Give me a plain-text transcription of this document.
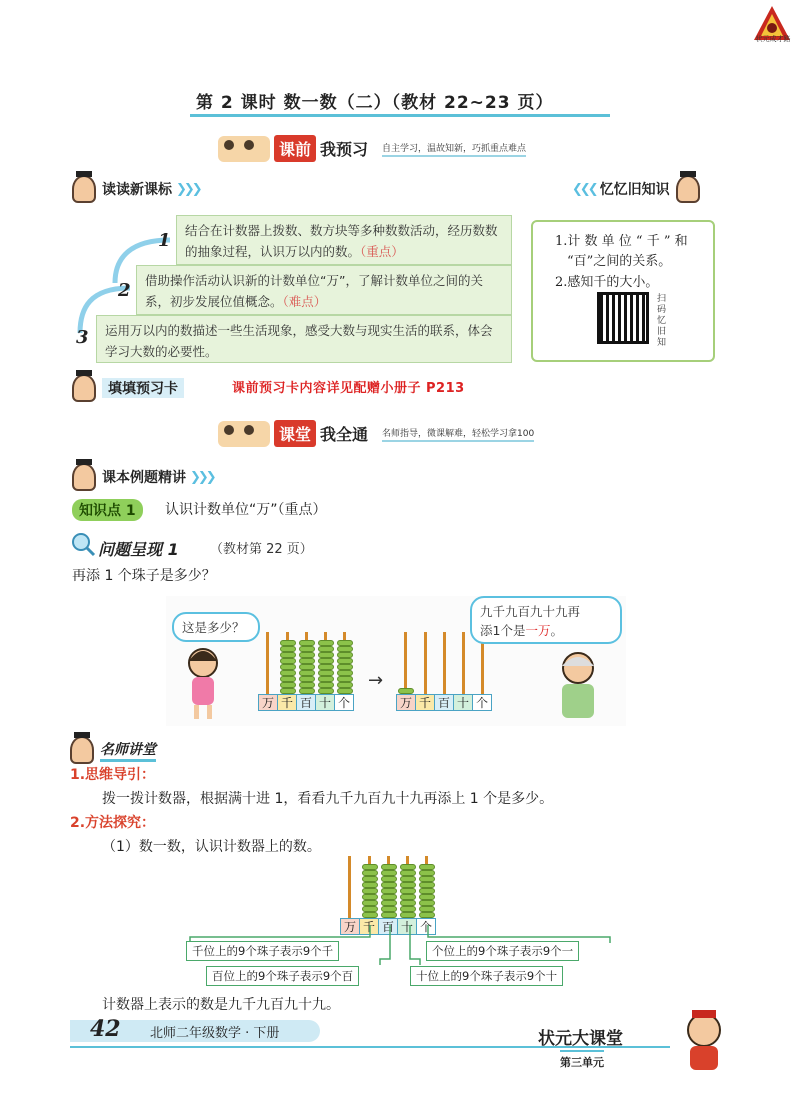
状元成才路
第 2 课时 数一数（二）（教材 22~23 页）
课前 我预习 自主学习，温故知新，巧抓重点难点
读读新课标 ❯❯❯	❮❮❮ 忆忆旧知识
1	结合在计数器上拨数、数方块等多种数数活动，经历数数的抽象过程，认识万以内的数。（重点）
2	借助操作活动认识新的计数单位“万”，了解计数单位之间的关系，初步发展位值概念。（难点）
3	运用万以内的数描述一些生活现象，感受大数与现实生活的联系，体会学习大数的必要性。
1.计 数 单 位 “ 千 ” 和
“百”之间的关系。
2.感知千的大小。
扫码忆旧知
填填预习卡	课前预习卡内容详见配赠小册子 P213
课堂 我全通 名师指导，微课解难，轻松学习拿100
课本例题精讲 ❯❯❯
知识点 1	认识计数单位“万”（重点）
问题呈现 1 （教材第 22 页）
再添 1 个珠子是多少？
这是多少？
万 千 百 十 个
→
万 千 百 十 个
九千九百九十九再
添1个是一万。
名师讲堂
1.思维导引：
拨一拨计数器，根据满十进 1，看看九千九百九十九再添上 1 个是多少。
2.方法探究：
（1）数一数，认识计数器上的数。
万 千 百 十 个
千位上的9个珠子表示9个千	个位上的9个珠子表示9个一
百位上的9个珠子表示9个百	十位上的9个珠子表示9个十
计数器上表示的数是九千九百九十九。
42 北师二年级数学 · 下册	状元大课堂
第三单元
